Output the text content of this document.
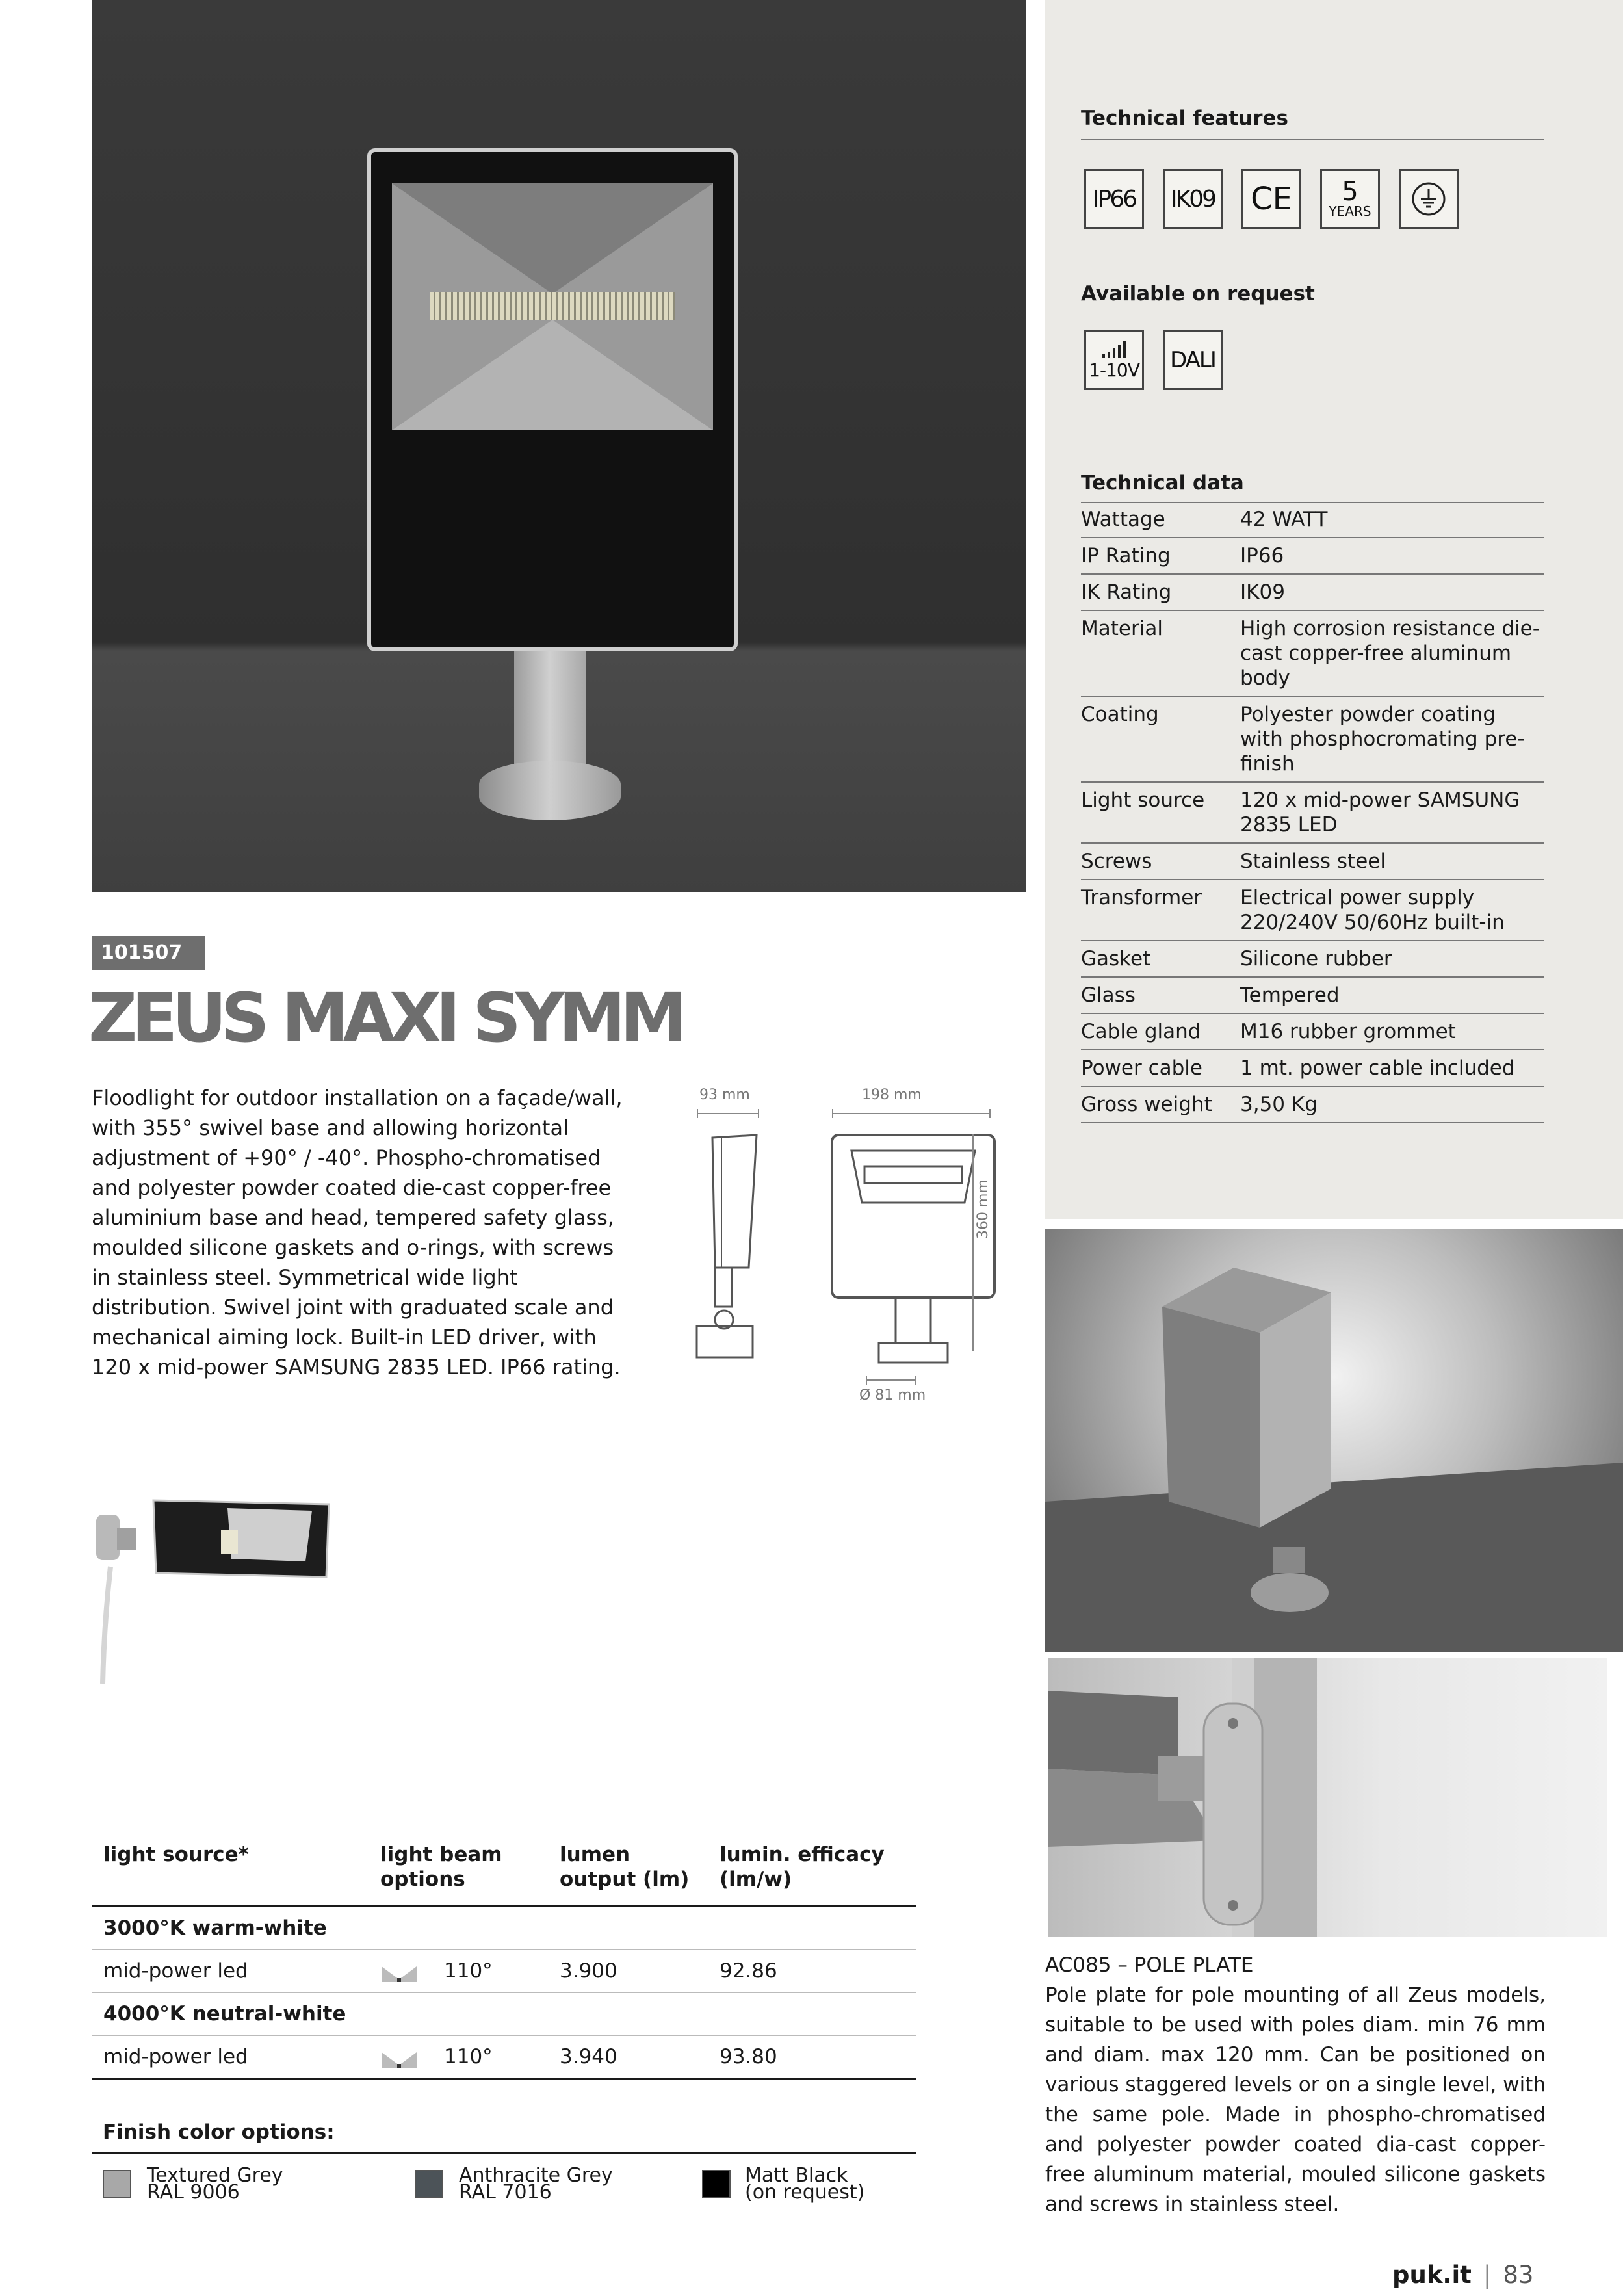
101507
ZEUS MAXI SYMM
Floodlight for outdoor installation on a façade/wall, with 355° swivel base and allowing horizontal adjustment of +90° / -40°. Phospho-chromatised and polyester powder coated die-cast copper-free aluminium base and head, tempered safety glass, moulded silicone gaskets and o-rings, with screws in stainless steel. Symmetrical wide light distribution. Swivel joint with graduated scale and mechanical aiming lock. Built-in LED driver, with 120 x mid-power SAMSUNG 2835 LED. IP66 rating.
93 mm	198 mm
360 mm
Ø 81 mm
light source*	light beam options	lumen output (lm)	lumin. efficacy (lm/w)
3000°K warm-white			
mid-power led	110°	3.900	92.86
4000°K neutral-white			
mid-power led	110°	3.940	93.80
Finish color options:
Textured Grey
RAL 9006
Anthracite Grey
RAL 7016
Matt Black
(on request)
Technical features
IP66 IK09 CE 5
YEARS
Available on request
1-10V DALI
Technical data
Wattage	42 WATT
IP Rating	IP66
IK Rating	IK09
Material	High corrosion resistance die-cast copper-free aluminum body
Coating	Polyester powder coating with phosphocromating pre-finish
Light source	120 x mid-power SAMSUNG 2835 LED
Screws	Stainless steel
Transformer	Electrical power supply 220/240V 50/60Hz built-in
Gasket	Silicone rubber
Glass	Tempered
Cable gland	M16 rubber grommet
Power cable	1 mt. power cable included
Gross weight	3,50 Kg
AC085 – POLE PLATE
Pole plate for pole mounting of all Zeus models, suitable to be used with poles diam. min 76 mm and diam. max 120 mm. Can be positioned on various staggered levels or on a single level, with the same pole. Made in phospho-chromatised and polyester powder coated dia-cast copper-free aluminum material, mouled silicone gaskets and screws in stainless steel.
puk.it | 83
